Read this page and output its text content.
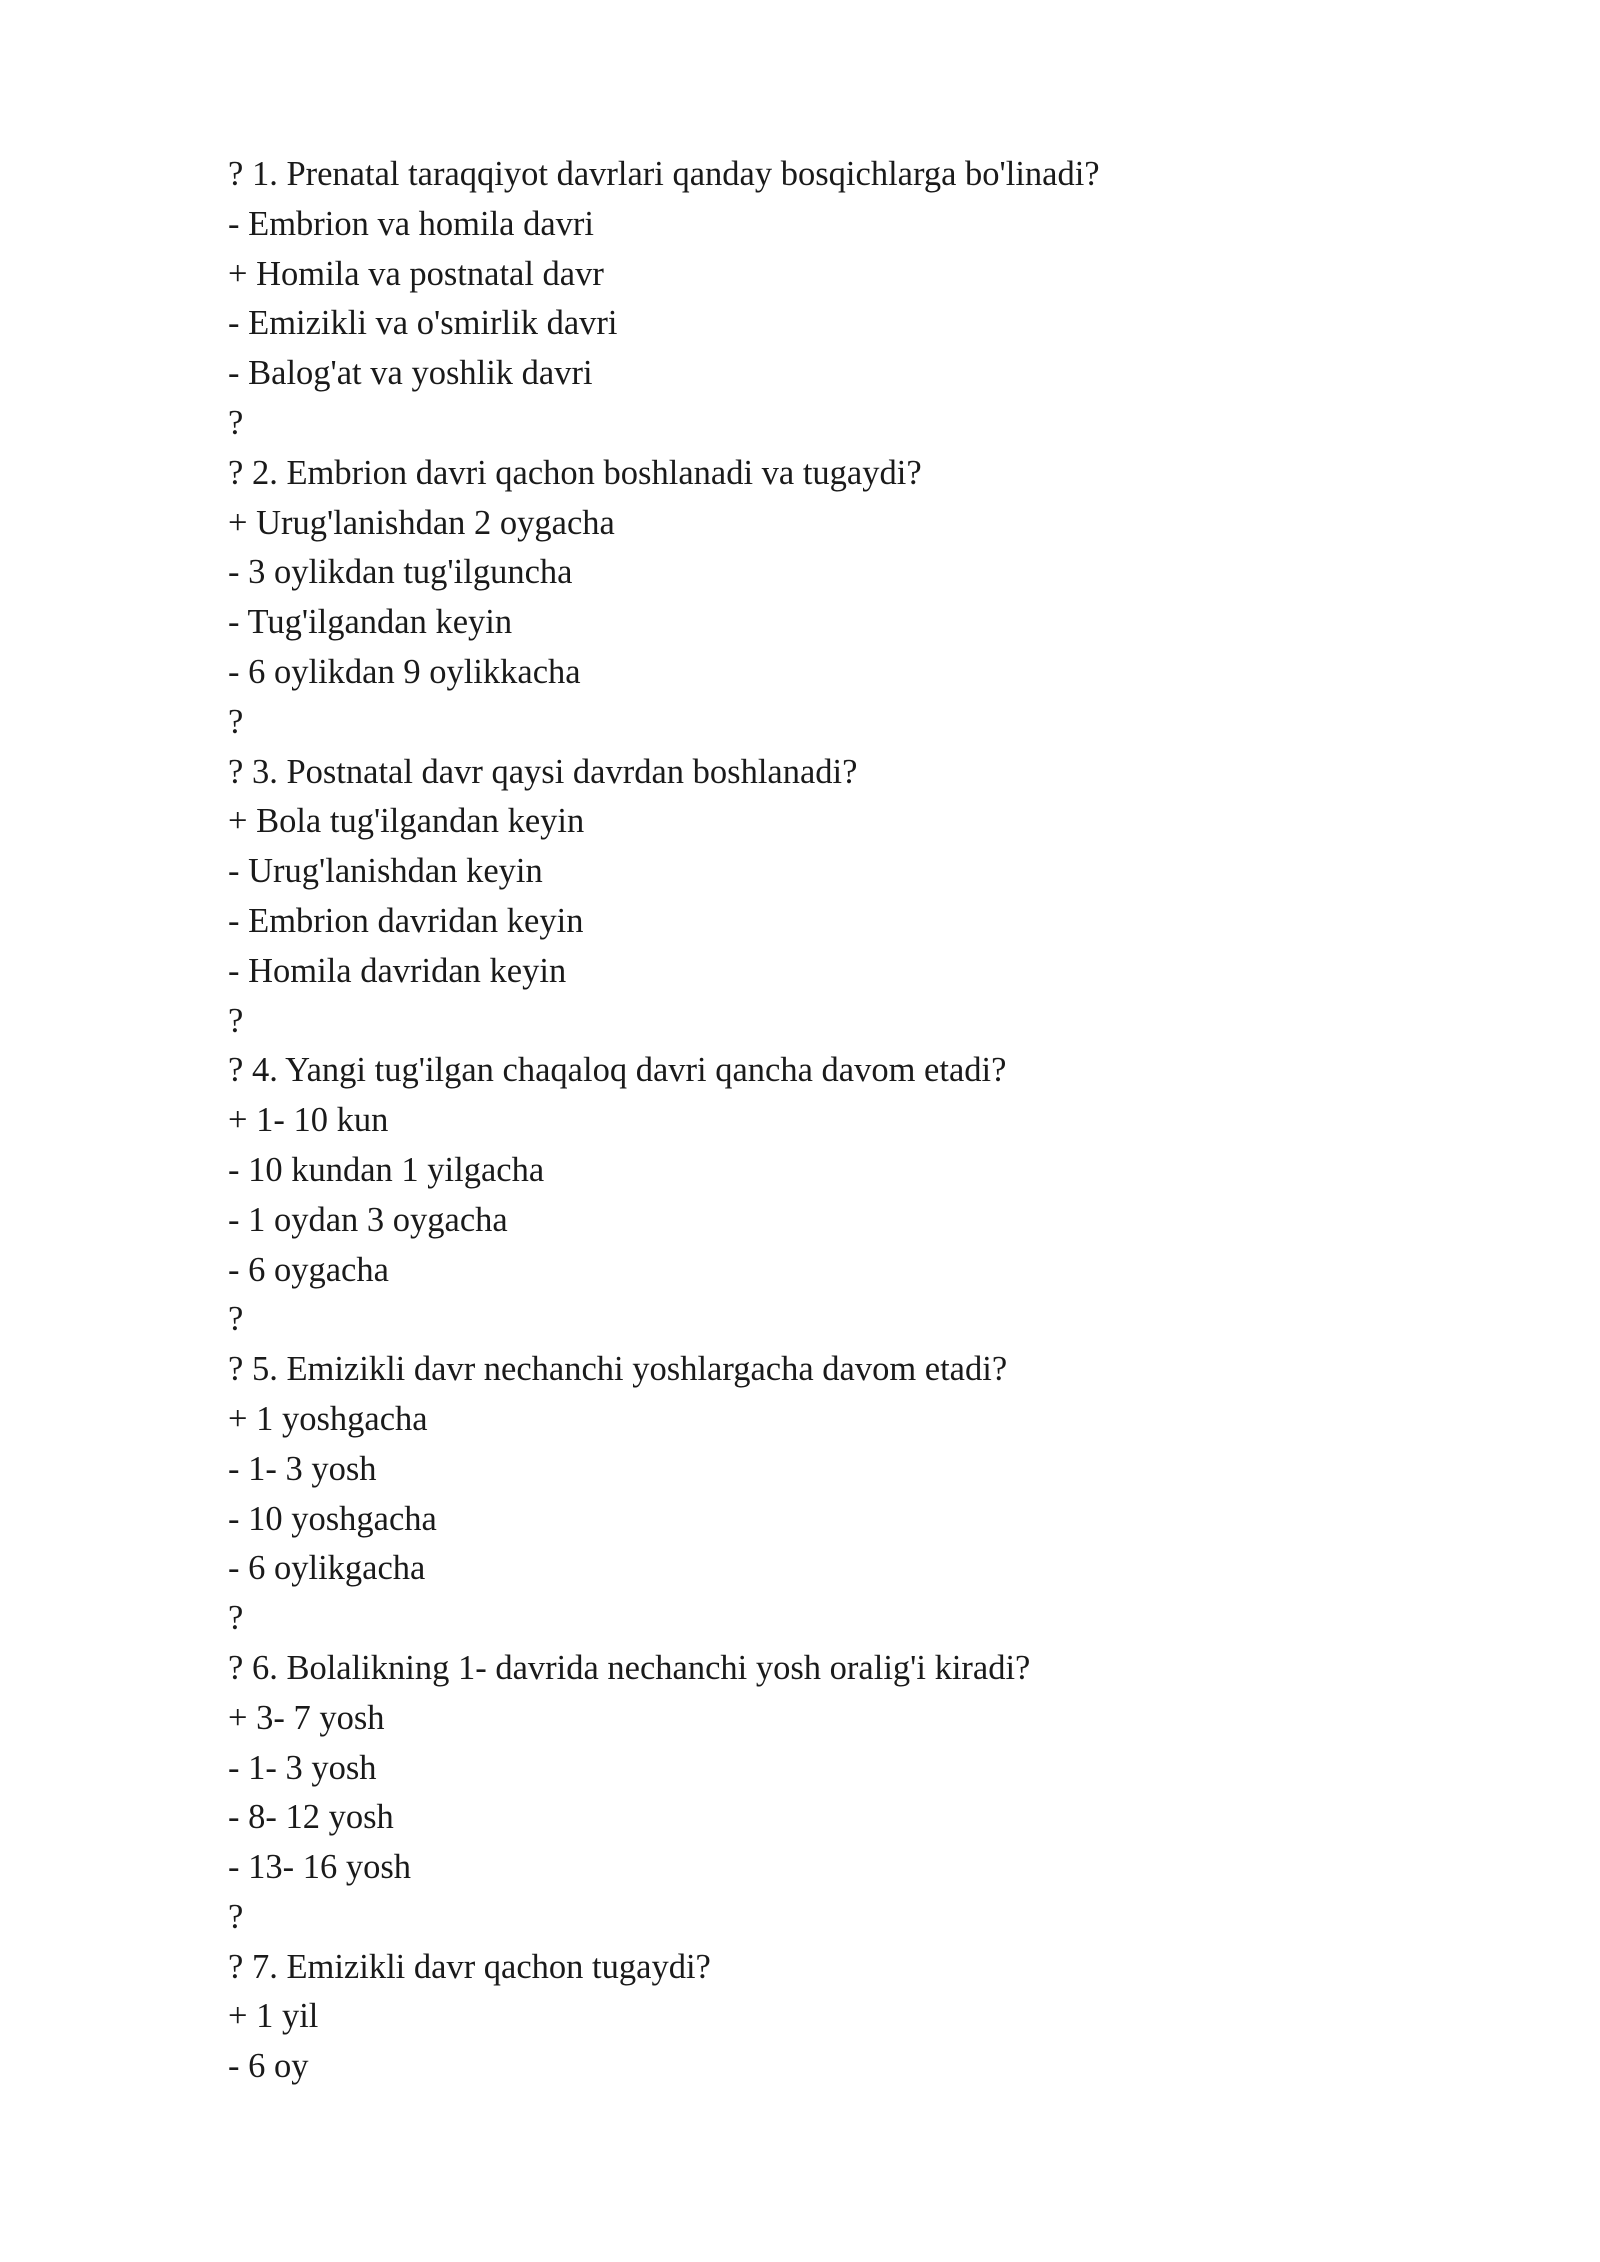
? 1. Prenatal taraqqiyot davrlari qanday bosqichlarga bo'linadi?
- Embrion va homila davri
+ Homila va postnatal davr
- Emizikli va o'smirlik davri
- Balog'at va yoshlik davri
?
? 2. Embrion davri qachon boshlanadi va tugaydi?
+ Urug'lanishdan 2 oygacha
- 3 oylikdan tug'ilguncha
- Tug'ilgandan keyin
- 6 oylikdan 9 oylikkacha
?
? 3. Postnatal davr qaysi davrdan boshlanadi?
+ Bola tug'ilgandan keyin
- Urug'lanishdan keyin
- Embrion davridan keyin
- Homila davridan keyin
?
? 4. Yangi tug'ilgan chaqaloq davri qancha davom etadi?
+ 1- 10 kun
- 10 kundan 1 yilgacha
- 1 oydan 3 oygacha
- 6 oygacha
?
? 5. Emizikli davr nechanchi yoshlargacha davom etadi?
+ 1 yoshgacha
- 1- 3 yosh
- 10 yoshgacha
- 6 oylikgacha
?
? 6. Bolalikning 1- davrida nechanchi yosh oralig'i kiradi?
+ 3- 7 yosh
- 1- 3 yosh
- 8- 12 yosh
- 13- 16 yosh
?
? 7. Emizikli davr qachon tugaydi?
+ 1 yil
- 6 oy
